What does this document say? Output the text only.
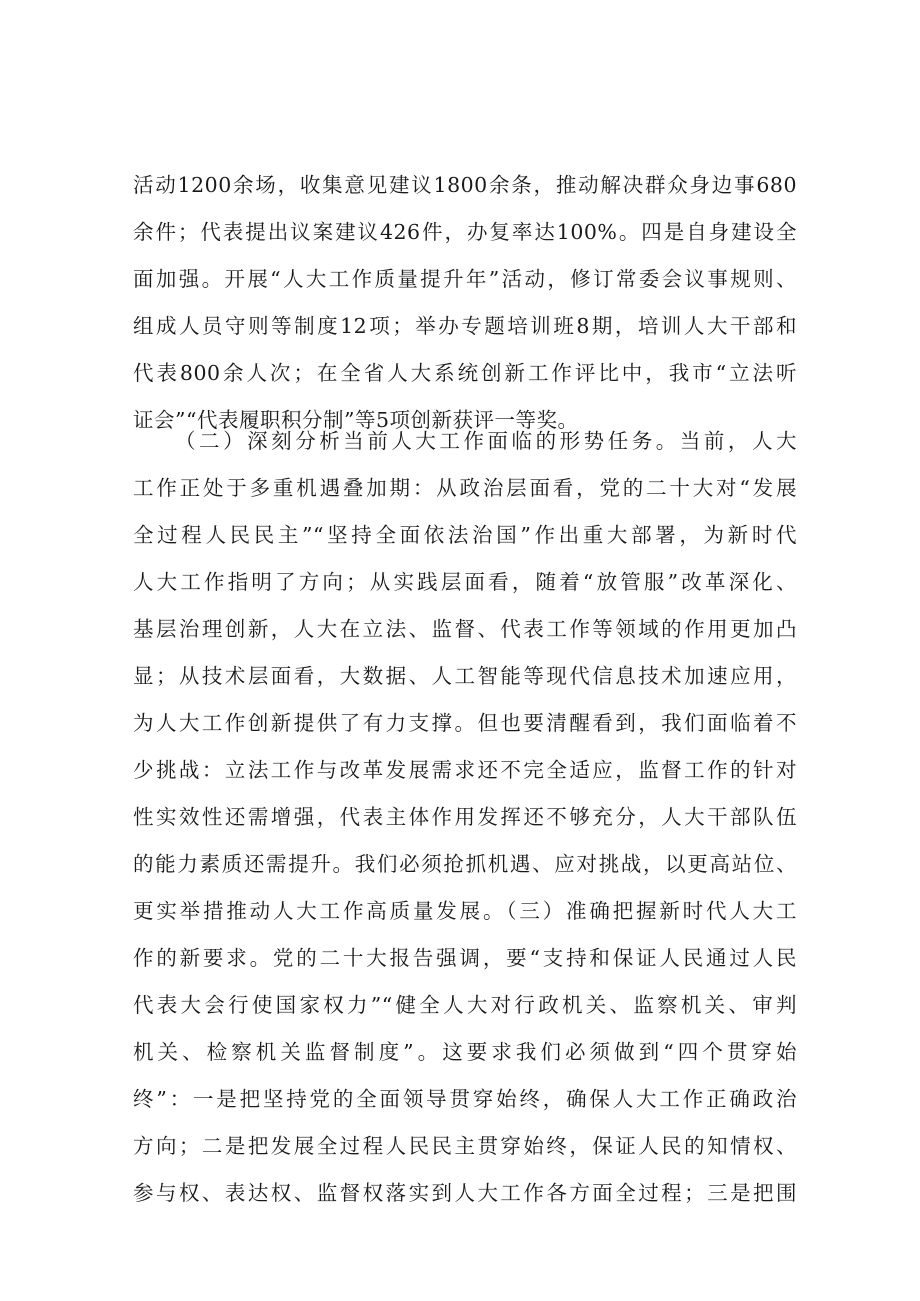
活动1200余场，收集意见建议1800余条，推动解决群众身边事680
余件；代表提出议案建议426件，办复率达100%。四是自身建设全
面加强。开展“人大工作质量提升年”活动，修订常委会议事规则、
组成人员守则等制度12项；举办专题培训班8期，培训人大干部和
代表800余人次；在全省人大系统创新工作评比中，我市“立法听
证会”“代表履职积分制”等5项创新获评一等奖。
（二）深刻分析当前人大工作面临的形势任务。当前，人大
工作正处于多重机遇叠加期：从政治层面看，党的二十大对“发展
全过程人民民主”“坚持全面依法治国”作出重大部署，为新时代
人大工作指明了方向；从实践层面看，随着“放管服”改革深化、
基层治理创新，人大在立法、监督、代表工作等领域的作用更加凸
显；从技术层面看，大数据、人工智能等现代信息技术加速应用，
为人大工作创新提供了有力支撑。但也要清醒看到，我们面临着不
少挑战：立法工作与改革发展需求还不完全适应，监督工作的针对
性实效性还需增强，代表主体作用发挥还不够充分，人大干部队伍
的能力素质还需提升。我们必须抢抓机遇、应对挑战，以更高站位、
更实举措推动人大工作高质量发展。（三）准确把握新时代人大工
作的新要求。党的二十大报告强调，要“支持和保证人民通过人民
代表大会行使国家权力”“健全人大对行政机关、监察机关、审判
机关、检察机关监督制度”。这要求我们必须做到“四个贯穿始
终”：一是把坚持党的全面领导贯穿始终，确保人大工作正确政治
方向；二是把发展全过程人民民主贯穿始终，保证人民的知情权、
参与权、表达权、监督权落实到人大工作各方面全过程；三是把围
